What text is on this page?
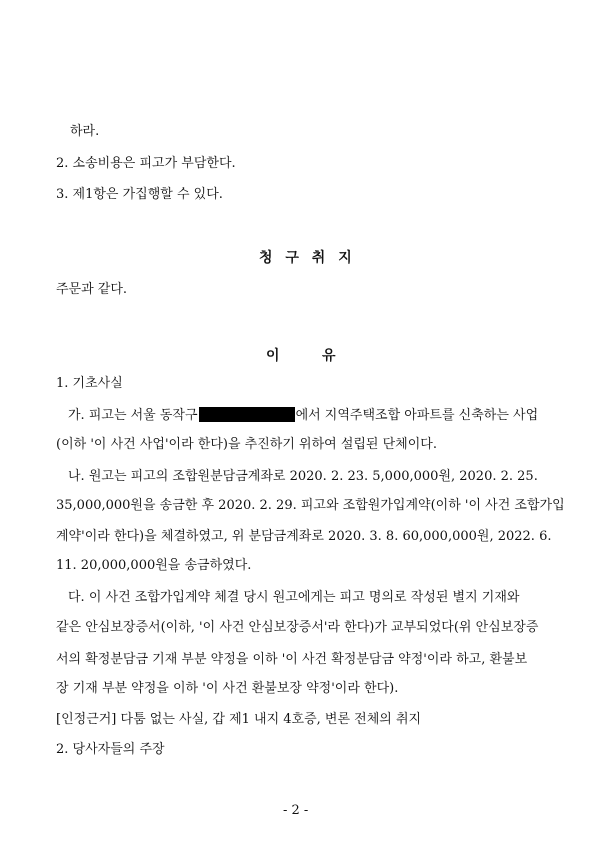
하라.
2. 소송비용은 피고가 부담한다.
3. 제1항은 가집행할 수 있다.
청 구 취 지
주문과 같다.
이	유
1. 기초사실
가. 피고는 서울 동작구	에서 지역주택조합 아파트를 신축하는 사업
(이하 '이 사건 사업'이라 한다)을 추진하기 위하여 설립된 단체이다.
나. 원고는 피고의 조합원분담금계좌로 2020. 2. 23. 5,000,000원, 2020. 2. 25.
35,000,000원을 송금한 후 2020. 2. 29. 피고와 조합원가입계약(이하 '이 사건 조합가입
계약'이라 한다)을 체결하였고, 위 분담금계좌로 2020. 3. 8. 60,000,000원, 2022. 6.
11. 20,000,000원을 송금하였다.
다. 이 사건 조합가입계약 체결 당시 원고에게는 피고 명의로 작성된 별지 기재와
같은 안심보장증서(이하, '이 사건 안심보장증서'라 한다)가 교부되었다(위 안심보장증
서의 확정분담금 기재 부분 약정을 이하 '이 사건 확정분담금 약정'이라 하고, 환불보
장 기재 부분 약정을 이하 '이 사건 환불보장 약정'이라 한다).
[인정근거] 다툼 없는 사실, 갑 제1 내지 4호증, 변론 전체의 취지
2. 당사자들의 주장
- 2 -
